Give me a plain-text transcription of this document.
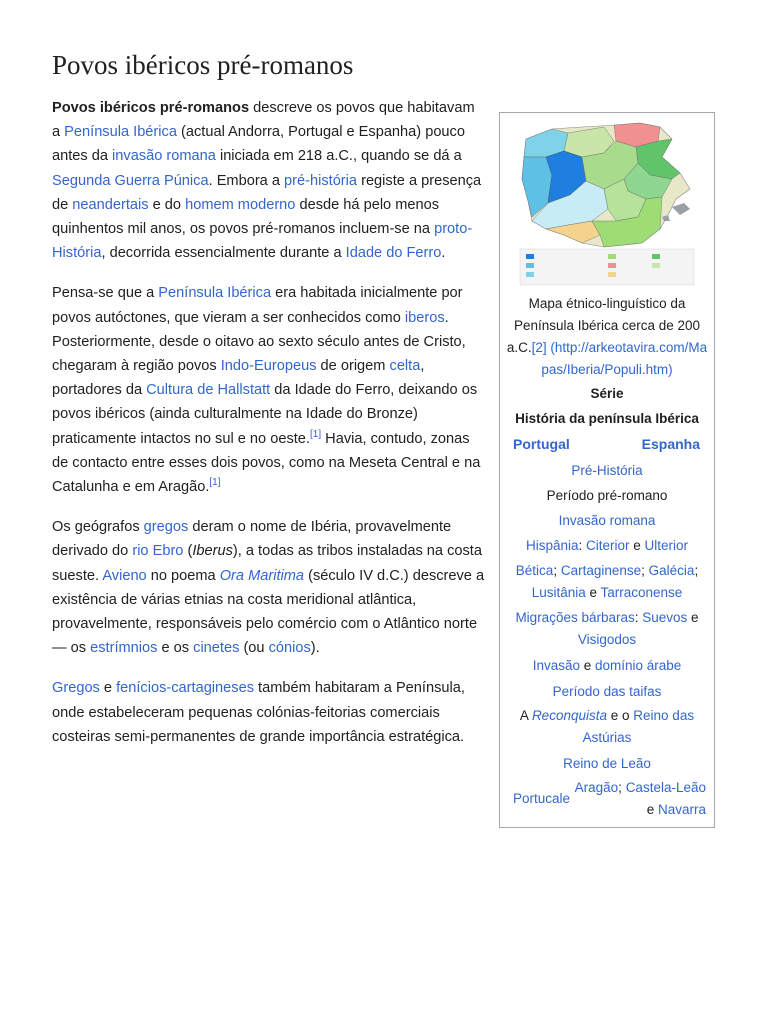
Povos ibéricos pré-romanos

Povos ibéricos pré-romanos descreve os povos que habitavam a Península Ibérica (actual Andorra, Portugal e Espanha) pouco antes da invasão romana iniciada em 218 a.C., quando se dá a Segunda Guerra Púnica. Embora a pré-história registe a presença de neandertais e do homem moderno desde há pelo menos quinhentos mil anos, os povos pré-romanos incluem-se na proto-História, decorrida essencialmente durante a Idade do Ferro.

Pensa-se que a Península Ibérica era habitada inicialmente por povos autóctones, que vieram a ser conhecidos como iberos. Posteriormente, desde o oitavo ao sexto século antes de Cristo, chegaram à região povos Indo-Europeus de origem celta, portadores da Cultura de Hallstatt da Idade do Ferro, deixando os povos ibéricos (ainda culturalmente na Idade do Bronze) praticamente intactos no sul e no oeste.[1] Havia, contudo, zonas de contacto entre esses dois povos, como na Meseta Central e na Catalunha e em Aragão.[1]

Os geógrafos gregos deram o nome de Ibéria, provavelmente derivado do rio Ebro (Iberus), a todas as tribos instaladas na costa sueste. Avieno no poema Ora Maritima (século IV d.C.) descreve a existência de várias etnias na costa meridional atlântica, provavelmente, responsáveis pelo comércio com o Atlântico norte — os estrímnios e os cinetes (ou cónios).

Gregos e fenícios-cartagineses também habitaram a Península, onde estabeleceram pequenas colónias-feitorias comerciais costeiras semi-permanentes de grande importância estratégica.

Mapa étnico-linguístico da Península Ibérica cerca de 200 a.C.[2] (http://arkeotavira.com/Mapas/Iberia/Populi.htm)
Série
História da península Ibérica
Portugal	Espanha
Pré-História
Período pré-romano
Invasão romana
Hispânia: Citerior e Ulterior
Bética; Cartaginense; Galécia; Lusitânia e Tarraconense
Migrações bárbaras: Suevos e Visigodos
Invasão e domínio árabe
Período das taifas
A Reconquista e o Reino das Astúrias
Reino de Leão
Portucale
Aragão; Castela-Leão e Navarra
